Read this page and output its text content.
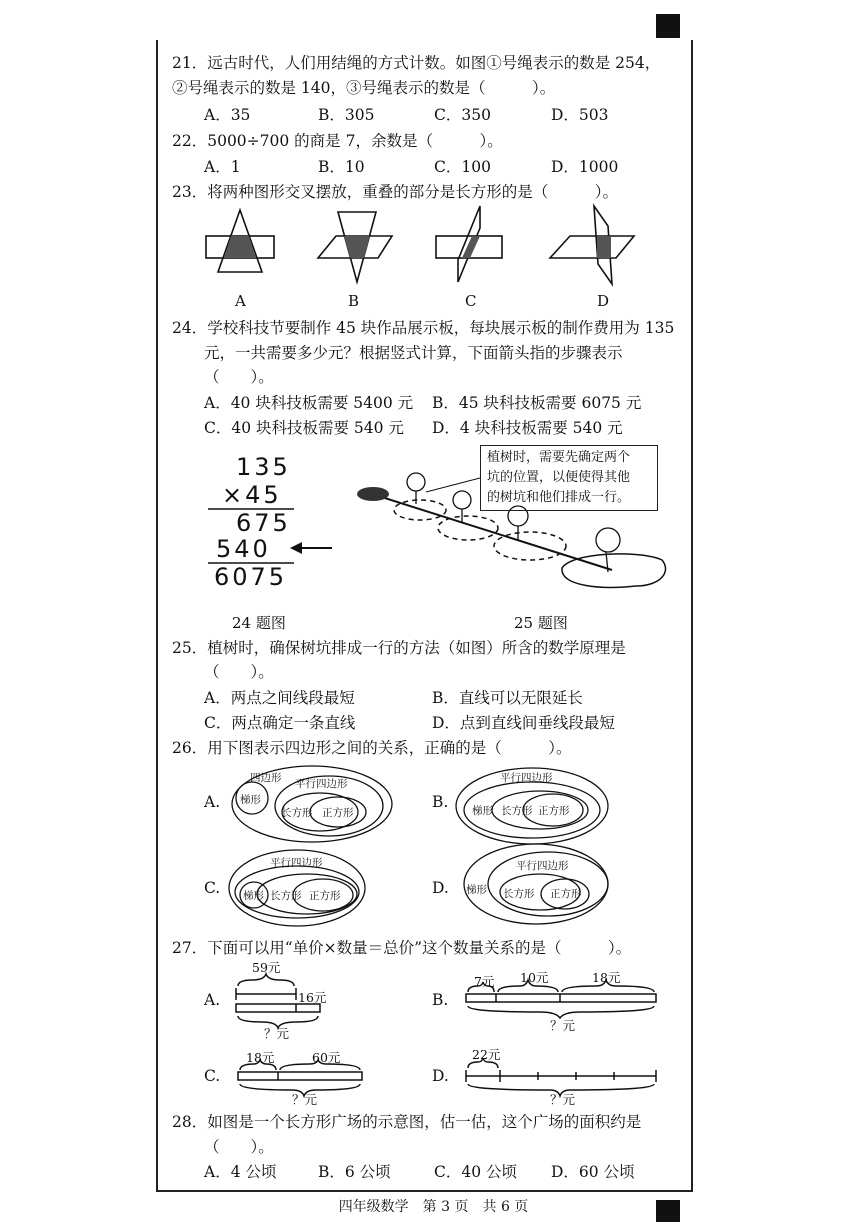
21．远古时代，人们用结绳的方式计数。如图①号绳表示的数是 254，
②号绳表示的数是 140，③号绳表示的数是（　　　）。
A．35	B．305	C．350	D．503
22．5000÷700 的商是 7，余数是（　　　）。
A．1	B．10	C．100	D．1000
23．将两种图形交叉摆放，重叠的部分是长方形的是（　　　）。
A	B	C	D
24．学校科技节要制作 45 块作品展示板，每块展示板的制作费用为 135
元，一共需要多少元？根据竖式计算，下面箭头指的步骤表示
（　　）。
A．40 块科技板需要 5400 元 B．45 块科技板需要 6075 元
C．40 块科技板需要 540 元 D．4 块科技板需要 540 元
135
×45
675
540
6075
24 题图
植树时，需要先确定两个
坑的位置，以便使得其他
的树坑和他们排成一行。
25 题图
25．植树时，确保树坑排成一行的方法（如图）所含的数学原理是
（　　）。
A．两点之间线段最短	B．直线可以无限延长
C．两点确定一条直线	D．点到直线间垂线段最短
26．用下图表示四边形之间的关系，正确的是（　　　）。
A.	B.
C.	D.
四边形
梯形
平行四边形
长方形 正方形
平行四边形
梯形 长方形 正方形
平行四边形
梯形 长方形 正方形
平行四边形
梯形 长方形 正方形
27．下面可以用“单价×数量＝总价”这个数量关系的是（　　　）。
A.	B.
C.	D.
59元
16元
？元
7元 10元	18元
？元
18元	60元
？元
22元
？元
28．如图是一个长方形广场的示意图，估一估，这个广场的面积约是
（　　）。
A．4 公顷	B．6 公顷	C．40 公顷 D．60 公顷
四年级数学　第 3 页　共 6 页
